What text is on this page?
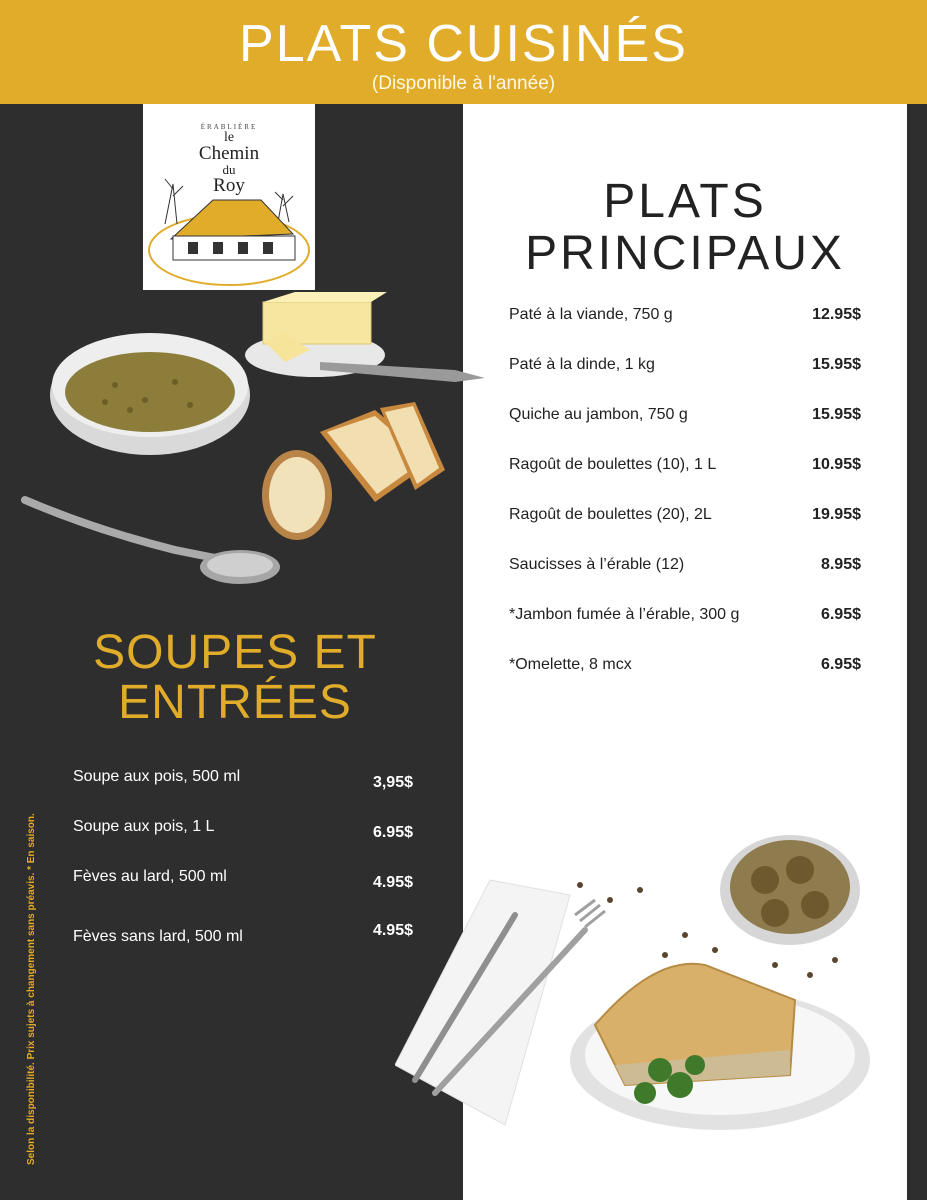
PLATS CUISINÉS
(Disponible à l'année)
ÉRABLIÈRE
le
Chemin
du
Roy
SOUPES ET
ENTRÉES
Soupe aux pois, 500 ml	3,95$
Soupe aux pois, 1 L	6.95$
Fèves au lard, 500 ml	4.95$
Fèves sans lard, 500 ml	4.95$
PLATS
PRINCIPAUX
Paté à la viande, 750 g	12.95$
Paté à la dinde, 1 kg	15.95$
Quiche au jambon, 750 g	15.95$
Ragoût de boulettes (10), 1 L	10.95$
Ragoût de boulettes (20), 2L	19.95$
Saucisses à l’érable (12)	8.95$
*Jambon fumée à l’érable, 300 g	6.95$
*Omelette, 8 mcx	6.95$
Selon la disponibilité. Prix sujets à changement sans préavis. * En saison.
